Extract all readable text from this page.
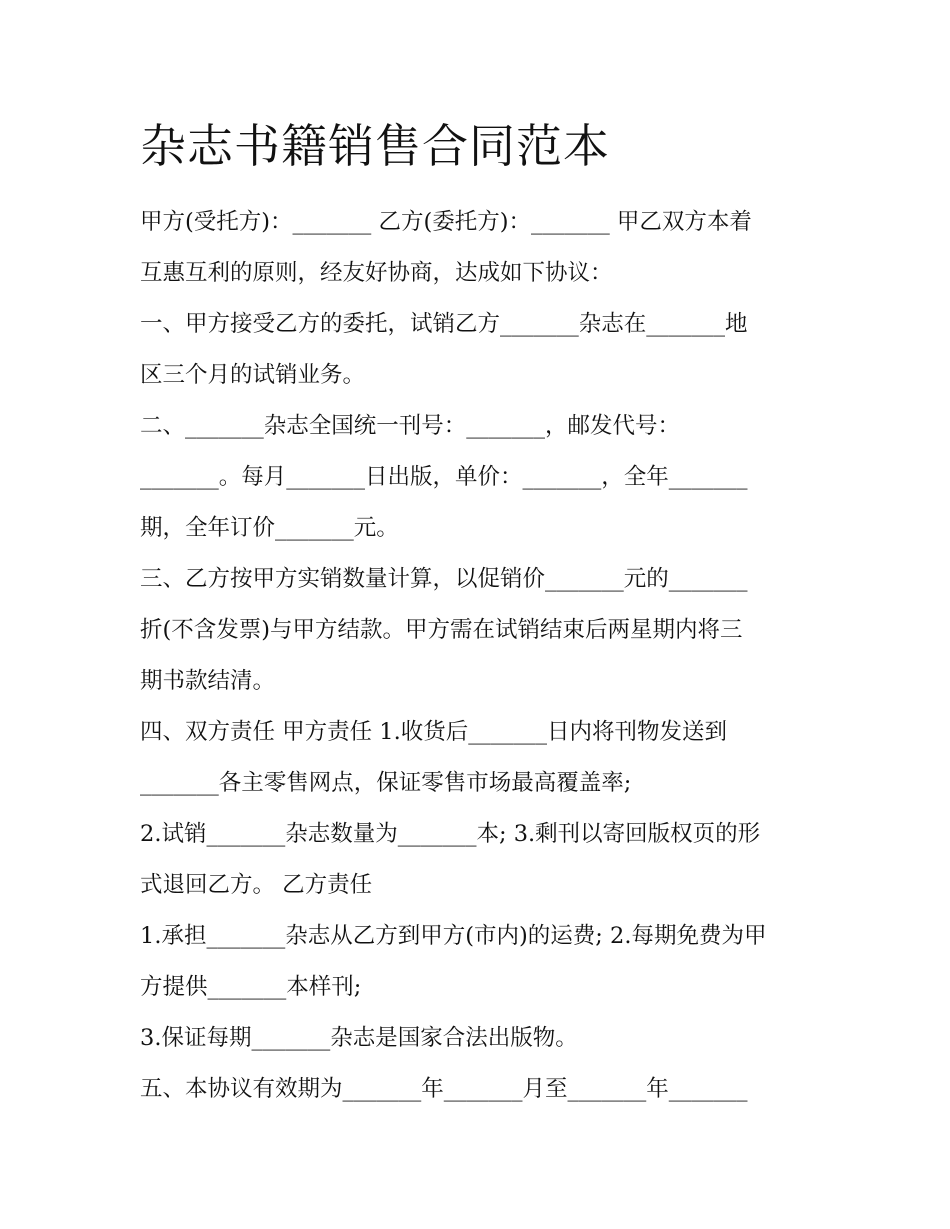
杂志书籍销售合同范本
甲方(受托方)：_______ 乙方(委托方)：_______ 甲乙双方本着
互惠互利的原则，经友好协商，达成如下协议：
一、甲方接受乙方的委托，试销乙方_______杂志在_______地
区三个月的试销业务。
二、_______杂志全国统一刊号：_______，邮发代号：
_______。每月_______日出版，单价：_______，全年_______
期，全年订价_______元。
三、乙方按甲方实销数量计算，以促销价_______元的_______
折(不含发票)与甲方结款。甲方需在试销结束后两星期内将三
期书款结清。
四、双方责任 甲方责任 1.收货后_______日内将刊物发送到
_______各主零售网点，保证零售市场最高覆盖率;
2.试销_______杂志数量为_______本; 3.剩刊以寄回版权页的形
式退回乙方。 乙方责任
1.承担_______杂志从乙方到甲方(市内)的运费; 2.每期免费为甲
方提供_______本样刊;
3.保证每期_______杂志是国家合法出版物。
五、本协议有效期为_______年_______月至_______年_______
